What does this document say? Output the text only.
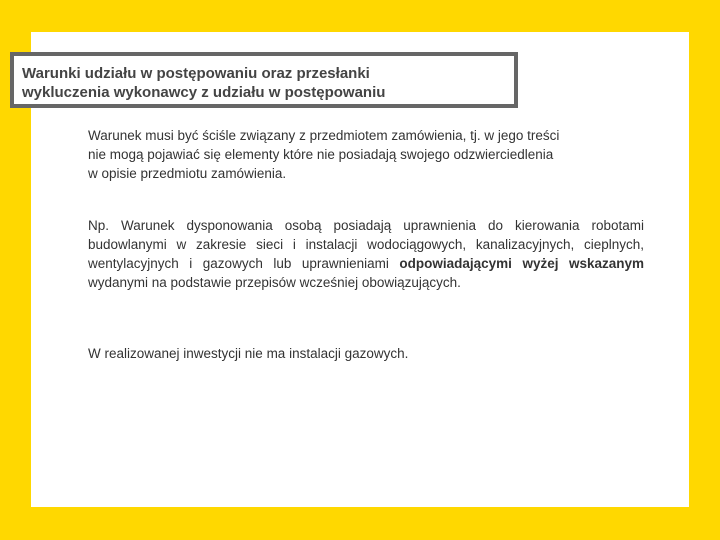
Warunki udziału w postępowaniu oraz przesłanki
wykluczenia wykonawcy z udziału w postępowaniu

Warunek musi być ściśle związany z przedmiotem zamówienia, tj. w jego treści
nie mogą pojawiać się elementy które nie posiadają swojego odzwierciedlenia
w opisie przedmiotu zamówienia.

Np. Warunek dysponowania osobą posiadają uprawnienia do kierowania robotami budowlanymi w zakresie sieci i instalacji wodociągowych, kanalizacyjnych, cieplnych, wentylacyjnych i gazowych lub uprawnieniami odpowiadającymi wyżej wskazanym wydanymi na podstawie przepisów wcześniej obowiązujących.

W realizowanej inwestycji nie ma instalacji gazowych.
